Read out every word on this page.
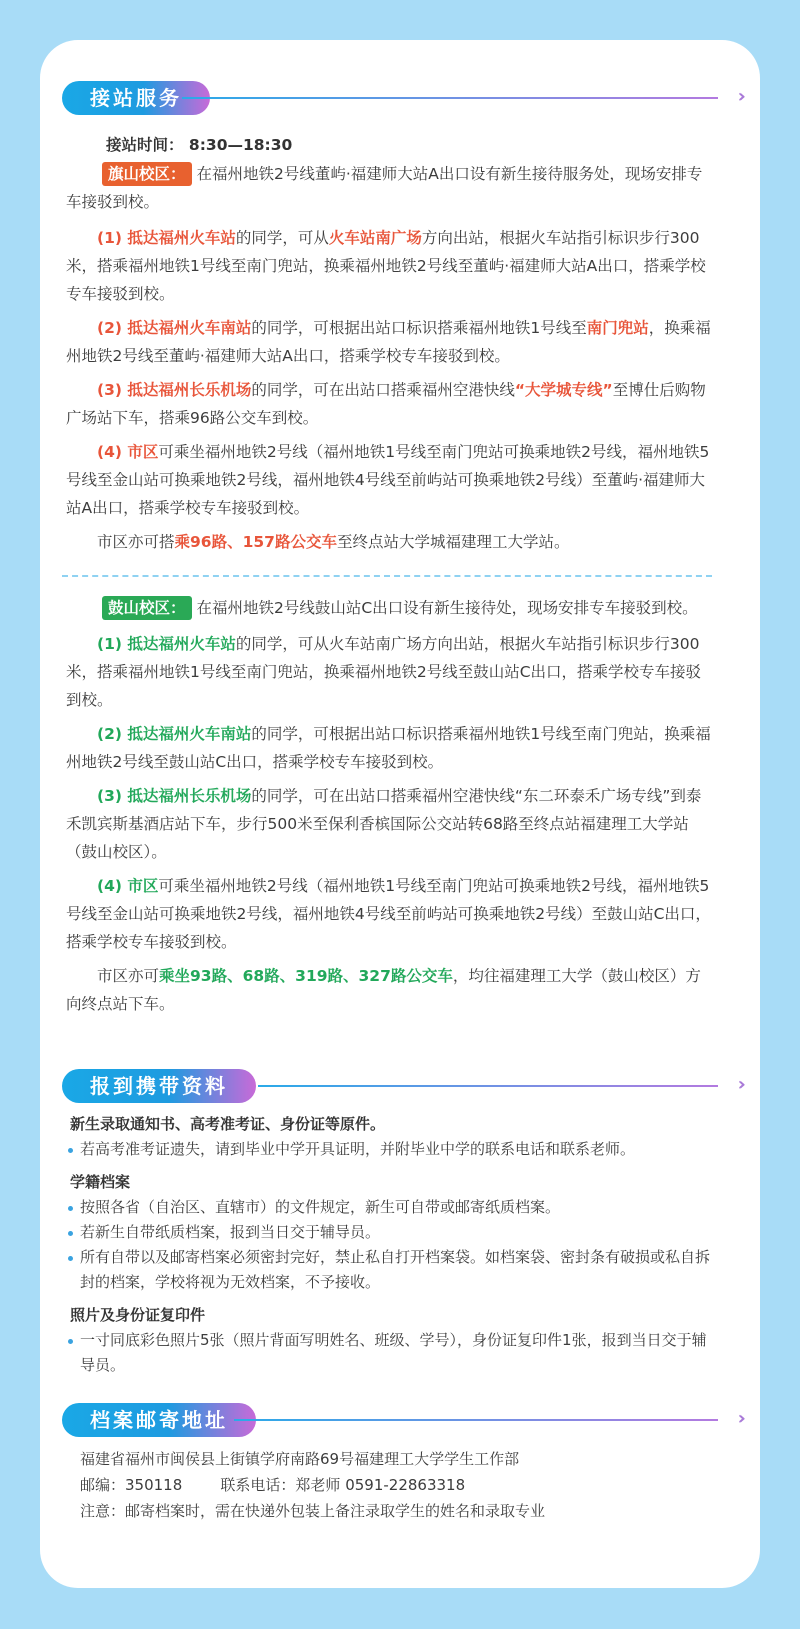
接站服务	››
接站时间： 8:30—18:30

旗山校区： 在福州地铁2号线董屿·福建师大站A出口设有新生接待服务处，现场安排专车接驳到校。

(1) 抵达福州火车站的同学，可从火车站南广场方向出站，根据火车站指引标识步行300米，搭乘福州地铁1号线至南门兜站，换乘福州地铁2号线至董屿·福建师大站A出口，搭乘学校专车接驳到校。

(2) 抵达福州火车南站的同学，可根据出站口标识搭乘福州地铁1号线至南门兜站，换乘福州地铁2号线至董屿·福建师大站A出口，搭乘学校专车接驳到校。

(3) 抵达福州长乐机场的同学，可在出站口搭乘福州空港快线“大学城专线”至博仕后购物广场站下车，搭乘96路公交车到校。

(4) 市区可乘坐福州地铁2号线（福州地铁1号线至南门兜站可换乘地铁2号线，福州地铁5号线至金山站可换乘地铁2号线，福州地铁4号线至前屿站可换乘地铁2号线）至董屿·福建师大站A出口，搭乘学校专车接驳到校。

市区亦可搭乘96路、157路公交车至终点站大学城福建理工大学站。

鼓山校区： 在福州地铁2号线鼓山站C出口设有新生接待处，现场安排专车接驳到校。

(1) 抵达福州火车站的同学，可从火车站南广场方向出站，根据火车站指引标识步行300米，搭乘福州地铁1号线至南门兜站，换乘福州地铁2号线至鼓山站C出口，搭乘学校专车接驳到校。

(2) 抵达福州火车南站的同学，可根据出站口标识搭乘福州地铁1号线至南门兜站，换乘福州地铁2号线至鼓山站C出口，搭乘学校专车接驳到校。

(3) 抵达福州长乐机场的同学，可在出站口搭乘福州空港快线“东二环泰禾广场专线”到泰禾凯宾斯基酒店站下车，步行500米至保利香槟国际公交站转68路至终点站福建理工大学站（鼓山校区）。

(4) 市区可乘坐福州地铁2号线（福州地铁1号线至南门兜站可换乘地铁2号线，福州地铁5号线至金山站可换乘地铁2号线，福州地铁4号线至前屿站可换乘地铁2号线）至鼓山站C出口，搭乘学校专车接驳到校。

市区亦可乘坐93路、68路、319路、327路公交车，均往福建理工大学（鼓山校区）方向终点站下车。

报到携带资料	››

新生录取通知书、高考准考证、身份证等原件。

若高考准考证遗失，请到毕业中学开具证明，并附毕业中学的联系电话和联系老师。

学籍档案

按照各省（自治区、直辖市）的文件规定，新生可自带或邮寄纸质档案。

若新生自带纸质档案，报到当日交于辅导员。

所有自带以及邮寄档案必须密封完好，禁止私自打开档案袋。如档案袋、密封条有破损或私自拆封的档案，学校将视为无效档案，不予接收。

照片及身份证复印件

一寸同底彩色照片5张（照片背面写明姓名、班级、学号），身份证复印件1张，报到当日交于辅导员。

档案邮寄地址	››

福建省福州市闽侯县上街镇学府南路69号福建理工大学学生工作部

邮编：350118	联系电话：郑老师 0591-22863318

注意：邮寄档案时，需在快递外包装上备注录取学生的姓名和录取专业
